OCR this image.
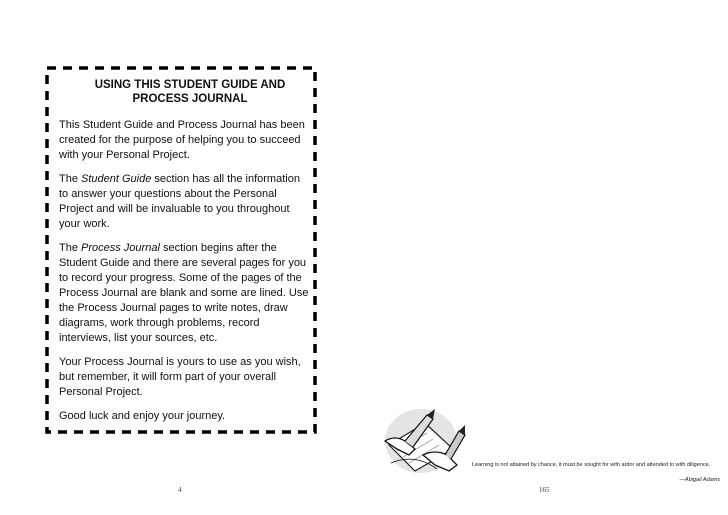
USING THIS STUDENT GUIDE AND
PROCESS JOURNAL

This Student Guide and Process Journal has been created for the purpose of helping you to succeed with your Personal Project.

The Student Guide section has all the information to answer your questions about the Personal Project and will be invaluable to you throughout your work.

The Process Journal section begins after the Student Guide and there are several pages for you to record your progress. Some of the pages of the Process Journal are blank and some are lined. Use the Process Journal pages to write notes, draw diagrams, work through problems, record interviews, list your sources, etc.

Your Process Journal is yours to use as you wish, but remember, it will form part of your overall Personal Project.

Good luck and enjoy your journey.

4
Learning is not attained by chance, it must be sought for with ardor and attended to with diligence.
—Abigail Adams
165
